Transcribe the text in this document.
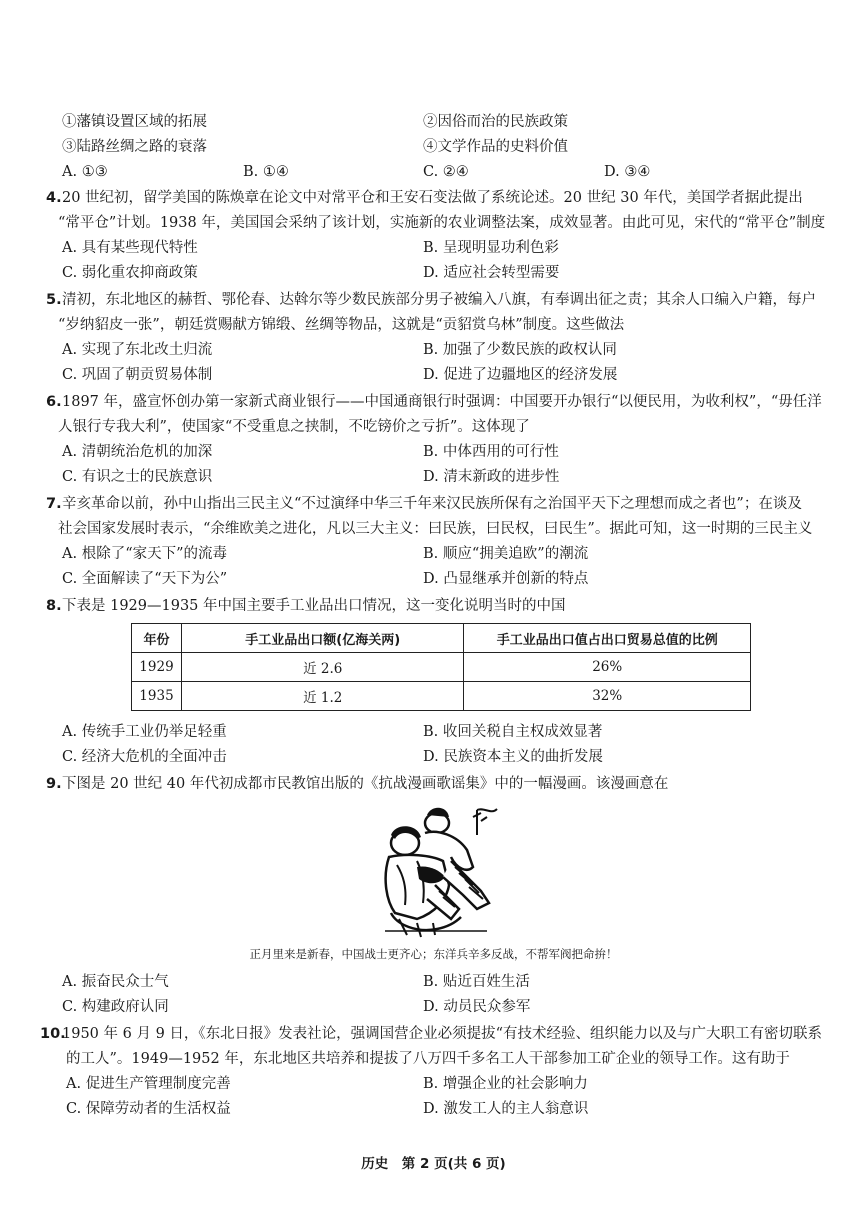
①藩镇设置区域的拓展	②因俗而治的民族政策
③陆路丝绸之路的衰落	④文学作品的史料价值
A. ①③	B. ①④	C. ②④	D. ③④
4. 20 世纪初，留学美国的陈焕章在论文中对常平仓和王安石变法做了系统论述。20 世纪 30 年代，美国学者据此提出
“常平仓”计划。1938 年，美国国会采纳了该计划，实施新的农业调整法案，成效显著。由此可见，宋代的“常平仓”制度
A. 具有某些现代特性	B. 呈现明显功利色彩
C. 弱化重农抑商政策	D. 适应社会转型需要
5. 清初，东北地区的赫哲、鄂伦春、达斡尔等少数民族部分男子被编入八旗，有奉调出征之责；其余人口编入户籍，每户
“岁纳貂皮一张”，朝廷赏赐献方锦缎、丝绸等物品，这就是“贡貂赏乌林”制度。这些做法
A. 实现了东北改土归流	B. 加强了少数民族的政权认同
C. 巩固了朝贡贸易体制	D. 促进了边疆地区的经济发展
6. 1897 年，盛宣怀创办第一家新式商业银行——中国通商银行时强调：中国要开办银行“以便民用，为收利权”，“毋任洋
人银行专我大利”，使国家“不受重息之挟制，不吃镑价之亏折”。这体现了
A. 清朝统治危机的加深	B. 中体西用的可行性
C. 有识之士的民族意识	D. 清末新政的进步性
7. 辛亥革命以前，孙中山指出三民主义“不过演绎中华三千年来汉民族所保有之治国平天下之理想而成之者也”；在谈及
社会国家发展时表示，“余维欧美之进化，凡以三大主义：曰民族，曰民权，曰民生”。据此可知，这一时期的三民主义
A. 根除了“家天下”的流毒	B. 顺应“拥美追欧”的潮流
C. 全面解读了“天下为公”	D. 凸显继承并创新的特点
8. 下表是 1929—1935 年中国主要手工业品出口情况，这一变化说明当时的中国
年份	手工业品出口额(亿海关两)	手工业品出口值占出口贸易总值的比例
1929	近 2.6	26%
1935	近 1.2	32%
A. 传统手工业仍举足轻重	B. 收回关税自主权成效显著
C. 经济大危机的全面冲击	D. 民族资本主义的曲折发展
9. 下图是 20 世纪 40 年代初成都市民教馆出版的《抗战漫画歌谣集》中的一幅漫画。该漫画意在
正月里来是新春，中国战士更齐心；东洋兵辛多反战，不帮军阀把命拚！
A. 振奋民众士气	B. 贴近百姓生活
C. 构建政府认同	D. 动员民众参军
10.
1950 年 6 月 9 日，《东北日报》发表社论，强调国营企业必须提拔“有技术经验、组织能力以及与广大职工有密切联系
的工人”。1949—1952 年，东北地区共培养和提拔了八万四千多名工人干部参加工矿企业的领导工作。这有助于
A. 促进生产管理制度完善	B. 增强企业的社会影响力
C. 保障劳动者的生活权益	D. 激发工人的主人翁意识
历史　第 2 页(共 6 页)
